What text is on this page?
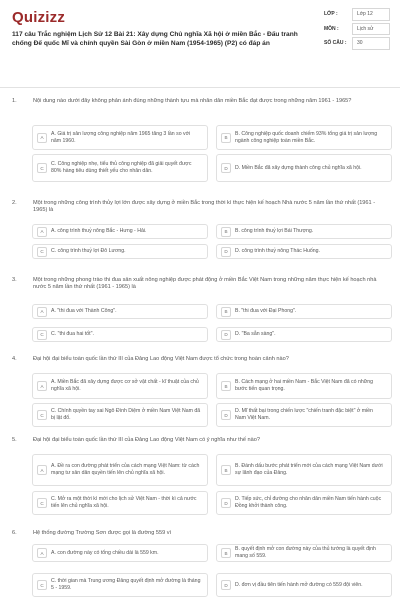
Quizizz
117 câu Trắc nghiệm Lịch Sử 12 Bài 21: Xây dựng Chủ nghĩa Xã hội ở miền Bắc - Đấu tranh chống Đế quốc Mĩ và chính quyền Sài Gòn ở miền Nam (1954-1965) (P2) có đáp án
LỚP :	Lớp 12
MÔN :	Lịch sử
SỐ CÂU :	30
1.	Nội dung nào dưới đây không phản ánh đúng những thành tựu mà nhân dân miền Bắc đạt được trong những năm 1961 - 1965?
A
A. Giá trị sản lượng công nghiệp năm 1965 tăng 3 lần so với năm 1960.	B
B. Công nghiệp quốc doanh chiếm 93% tổng giá trị sản lượng ngành công nghiệp toàn miền Bắc.
C
C. Công nghiệp nhẹ, tiểu thủ công nghiệp đã giải quyết được 80% hàng tiêu dùng thiết yếu cho nhân dân.	D	D. Miền Bắc đã xây dựng thành công chủ nghĩa xã hội.
2.	Một trong những công trình thủy lợi lớn được xây dựng ở miền Bắc trong thời kì thực hiện kế hoạch Nhà nước 5 năm lần thứ nhất (1961 - 1965) là
A	A. công trình thuỷ nông Bắc - Hưng - Hải.	B	B. công trình thuỷ lợi Bái Thượng.
C	C. công trình thuỷ lợi Đô Lương.	D	D. công trình thuỷ nông Thác Huống.
3.	Một trong những phong trào thi đua sản xuất nông nghiệp được phát động ở miền Bắc Việt Nam trong những năm thực hiện kế hoạch nhà nước 5 năm lần thứ nhất (1961 - 1965) là
A	A. "thi đua với Thành Công".	B	B. "thi đua với Đại Phong".
C	C. "thi đua hai tốt".	D	D. "Ba sẵn sàng".
4.	Đại hội đại biểu toàn quốc lần thứ III của Đảng Lao động Việt Nam được tổ chức trong hoàn cảnh nào?
A
A. Miền Bắc đã xây dựng được cơ sở vật chất - kĩ thuật của chủ nghĩa xã hội.	B
B. Cách mạng ở hai miền Nam - Bắc Việt Nam đã có những bước tiến quan trọng.
C
C. Chính quyền tay sai Ngô Đình Diệm ở miền Nam Việt Nam đã bị lật đổ.	D
D. Mĩ thất bại trong chiến lược "chiến tranh đặc biệt" ở miền Nam Việt Nam.
5.	Đại hội đại biểu toàn quốc lần thứ III của Đảng Lao động Việt Nam có ý nghĩa như thế nào?
A
A. Đề ra con đường phát triển của cách mạng Việt Nam: từ cách mạng tư sản dân quyền tiến lên chủ nghĩa xã hội.	B
B. Đánh dấu bước phát triển mới của cách mạng Việt Nam dưới sự lãnh đạo của Đảng.
C
C. Mở ra một thời kì mới cho lịch sử Việt Nam - thời kì cả nước tiến lên chủ nghĩa xã hội.	D
D. Tiếp sức, chỉ đường cho nhân dân miền Nam tiến hành cuộc Đồng khởi thành công.
6.	Hệ thống đường Trường Sơn được gọi là đường 559 vì
A	A. con đường này có tổng chiều dài là 559 km.	B
B. quyết định mở con đường này của thủ tướng là quyết định mang số 559.
C
C. thời gian mà Trung ương Đảng quyết định mở đường là tháng 5 - 1959.	D	D. đơn vị đầu tiên tiến hành mở đường có 559 đội viên.
